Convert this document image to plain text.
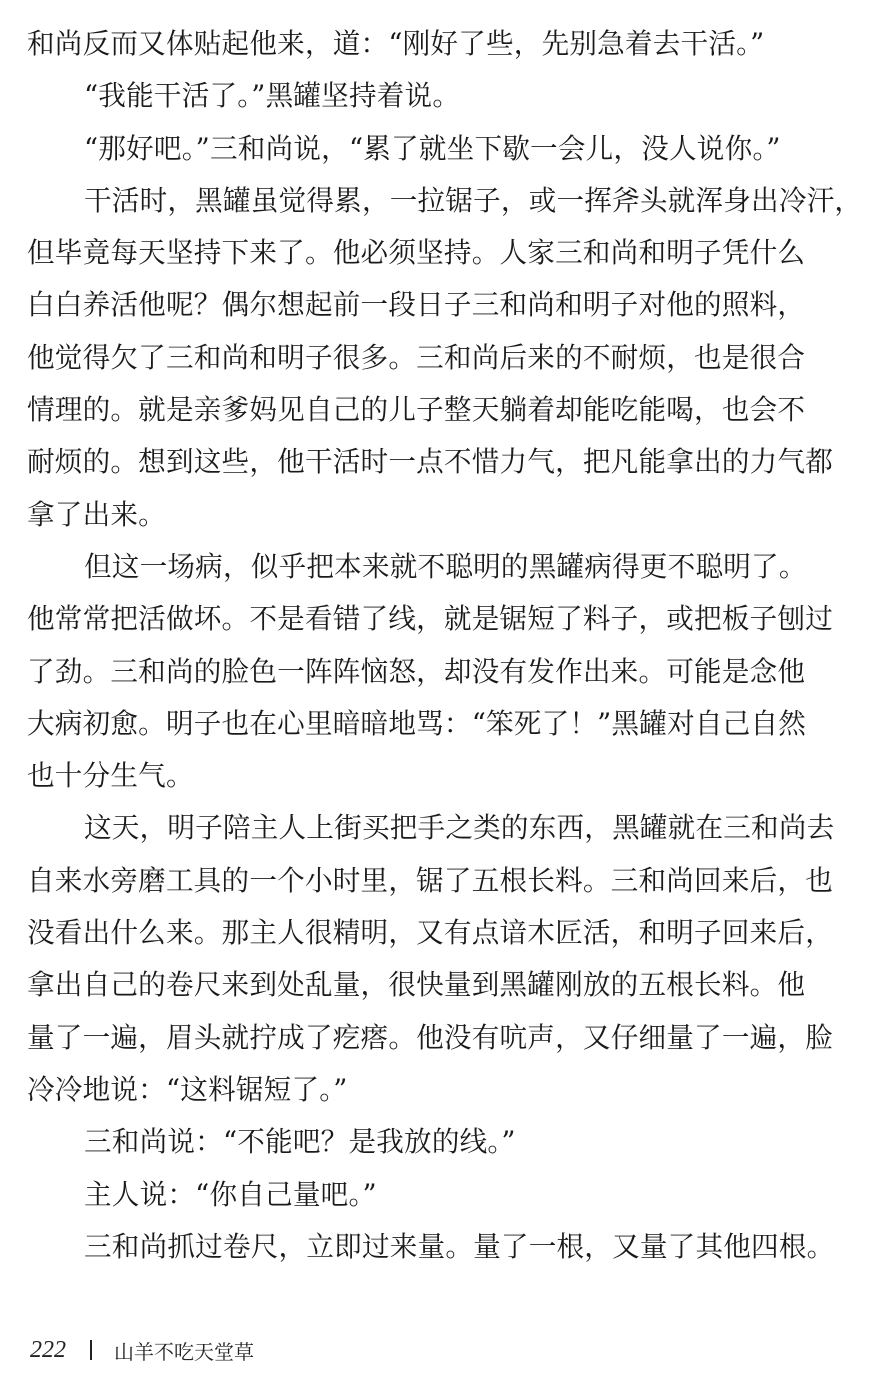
和尚反而又体贴起他来，道：“刚好了些，先别急着去干活。”
“我能干活了。”黑罐坚持着说。
“那好吧。”三和尚说，“累了就坐下歇一会儿，没人说你。”
干活时，黑罐虽觉得累，一拉锯子，或一挥斧头就浑身出冷汗，
但毕竟每天坚持下来了。他必须坚持。人家三和尚和明子凭什么
白白养活他呢？偶尔想起前一段日子三和尚和明子对他的照料，
他觉得欠了三和尚和明子很多。三和尚后来的不耐烦，也是很合
情理的。就是亲爹妈见自己的儿子整天躺着却能吃能喝，也会不
耐烦的。想到这些，他干活时一点不惜力气，把凡能拿出的力气都
拿了出来。
但这一场病，似乎把本来就不聪明的黑罐病得更不聪明了。
他常常把活做坏。不是看错了线，就是锯短了料子，或把板子刨过
了劲。三和尚的脸色一阵阵恼怒，却没有发作出来。可能是念他
大病初愈。明子也在心里暗暗地骂：“笨死了！”黑罐对自己自然
也十分生气。
这天，明子陪主人上街买把手之类的东西，黑罐就在三和尚去
自来水旁磨工具的一个小时里，锯了五根长料。三和尚回来后，也
没看出什么来。那主人很精明，又有点谙木匠活，和明子回来后，
拿出自己的卷尺来到处乱量，很快量到黑罐刚放的五根长料。他
量了一遍，眉头就拧成了疙瘩。他没有吭声，又仔细量了一遍，脸
冷冷地说：“这料锯短了。”
三和尚说：“不能吧？是我放的线。”
主人说：“你自己量吧。”
三和尚抓过卷尺，立即过来量。量了一根，又量了其他四根。
222 山羊不吃天堂草
